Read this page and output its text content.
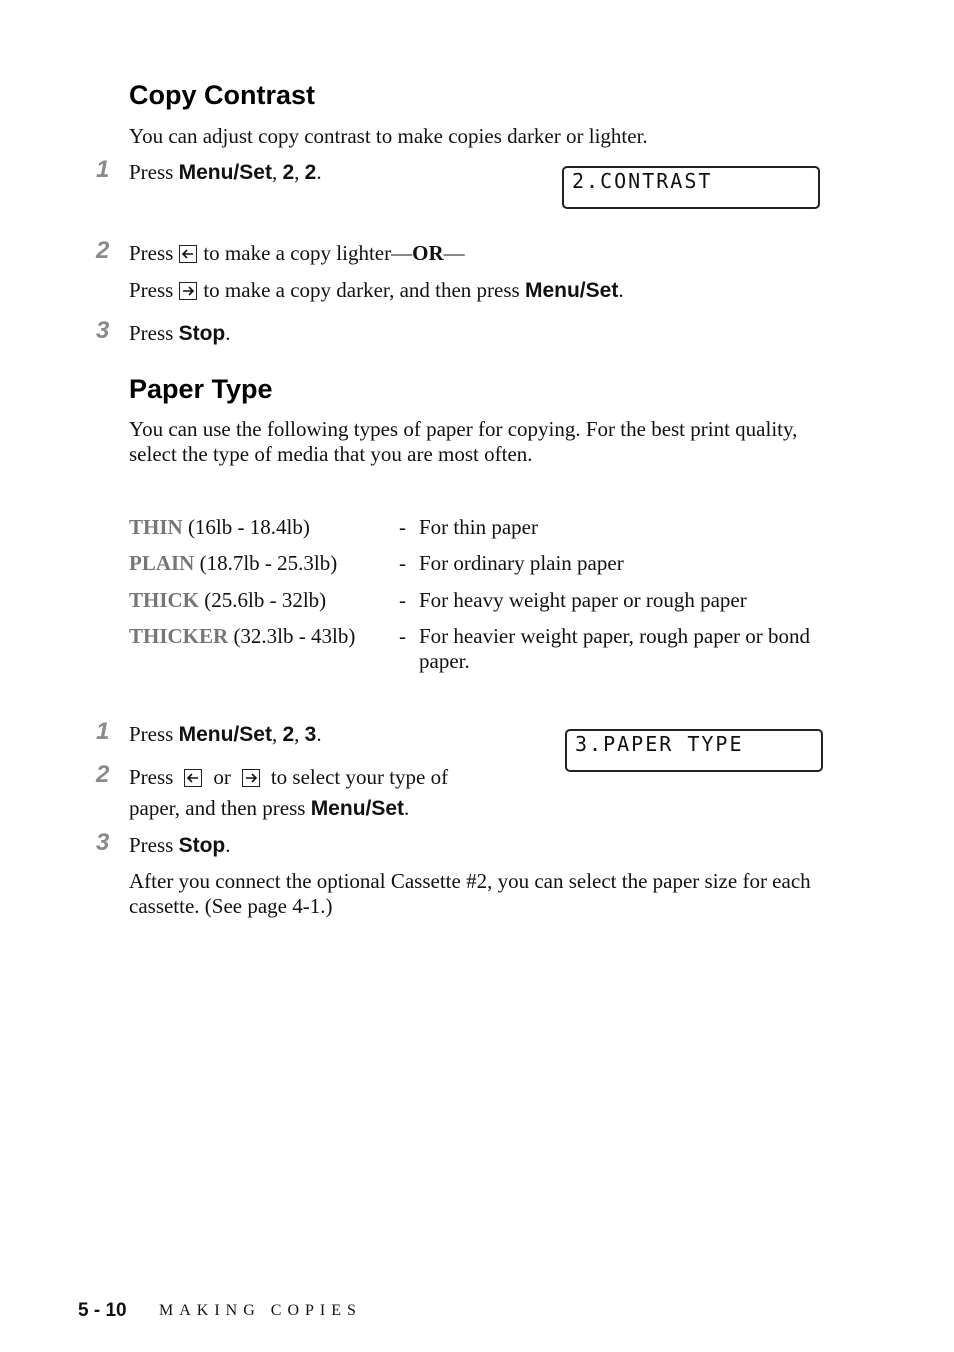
Copy Contrast

You can adjust copy contrast to make copies darker or lighter.

1 Press Menu/Set, 2, 2.	2.CONTRAST
2 Press to make a copy lighter—OR—

Press to make a copy darker, and then press Menu/Set.

3 Press Stop.

Paper Type

You can use the following types of paper for copying. For the best print quality, select the type of media that you are most often.

THIN (16lb - 18.4lb)	- For thin paper
PLAIN (18.7lb - 25.3lb)	- For ordinary plain paper
THICK (25.6lb - 32lb)	- For heavy weight paper or rough paper
THICKER (32.3lb - 43lb) - For heavier weight paper, rough paper or bond paper.
1 Press Menu/Set, 2, 3.	3.PAPER TYPE
2 Press or to select your type of

paper, and then press Menu/Set.

3 Press Stop.

After you connect the optional Cassette #2, you can select the paper size for each cassette. (See page 4-1.)

5 - 10 MAKING COPIES
